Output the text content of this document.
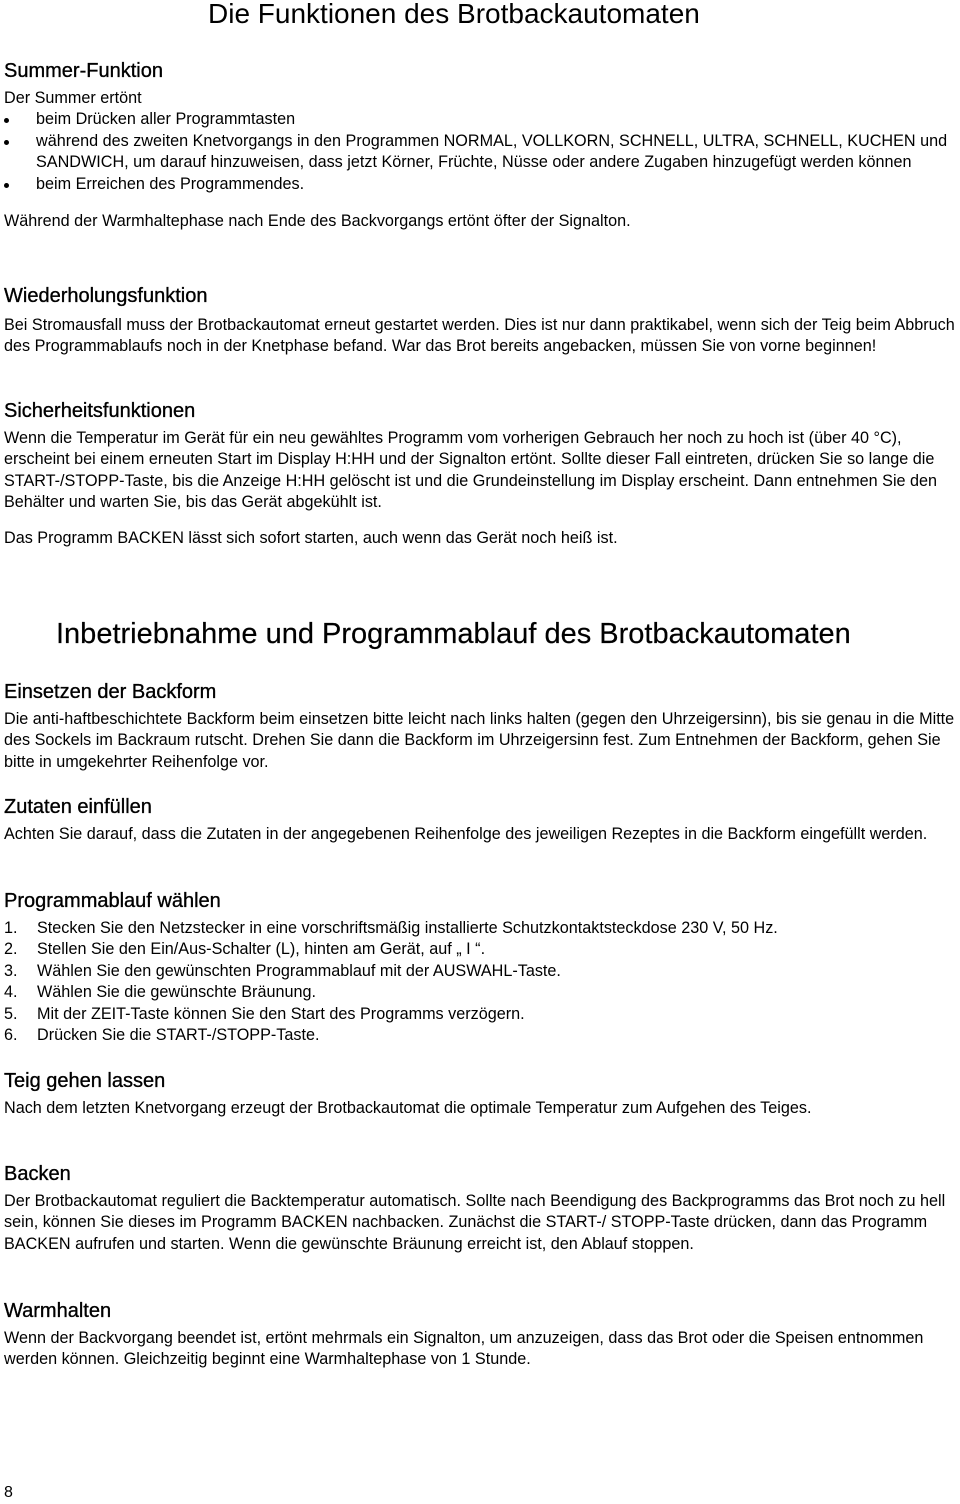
Die Funktionen des Brotbackautomaten
Summer-Funktion

Der Summer ertönt

beim Drücken aller Programmtasten
während des zweiten Knetvorgangs in den Programmen NORMAL, VOLLKORN, SCHNELL, ULTRA, SCHNELL, KUCHEN und SANDWICH, um darauf hinzuweisen, dass jetzt Körner, Früchte, Nüsse oder andere Zugaben hinzugefügt werden können
beim Erreichen des Programmendes.

Während der Warmhaltephase nach Ende des Backvorgangs ertönt öfter der Signalton.

Wiederholungsfunktion

Bei Stromausfall muss der Brotbackautomat erneut gestartet werden. Dies ist nur dann praktikabel, wenn sich der Teig beim Abbruch des Programmablaufs noch in der Knetphase befand. War das Brot bereits angebacken, müssen Sie von vorne beginnen!

Sicherheitsfunktionen

Wenn die Temperatur im Gerät für ein neu gewähltes Programm vom vorherigen Gebrauch her noch zu hoch ist (über 40 °C), erscheint bei einem erneuten Start im Display H:HH und der Signalton ertönt. Sollte dieser Fall eintreten, drücken Sie so lange die START-/STOPP-Taste, bis die Anzeige H:HH gelöscht ist und die Grundeinstellung im Display erscheint. Dann entnehmen Sie den Behälter und warten Sie, bis das Gerät abgekühlt ist.

Das Programm BACKEN lässt sich sofort starten, auch wenn das Gerät noch heiß ist.

Inbetriebnahme und Programmablauf des Brotbackautomaten
Einsetzen der Backform

Die anti-haftbeschichtete Backform beim einsetzen bitte leicht nach links halten (gegen den Uhrzeigersinn), bis sie genau in die Mitte des Sockels im Backraum rutscht. Drehen Sie dann die Backform im Uhrzeigersinn fest. Zum Entnehmen der Backform, gehen Sie bitte in umgekehrter Reihenfolge vor.

Zutaten einfüllen

Achten Sie darauf, dass die Zutaten in der angegebenen Reihenfolge des jeweiligen Rezeptes in die Backform eingefüllt werden.

Programmablauf wählen
1. Stecken Sie den Netzstecker in eine vorschriftsmäßig installierte Schutzkontaktsteckdose 230 V, 50 Hz.
2. Stellen Sie den Ein/Aus-Schalter (L), hinten am Gerät, auf „ I “.
3. Wählen Sie den gewünschten Programmablauf mit der AUSWAHL-Taste.
4. Wählen Sie die gewünschte Bräunung.
5. Mit der ZEIT-Taste können Sie den Start des Programms verzögern.
6. Drücken Sie die START-/STOPP-Taste.
Teig gehen lassen

Nach dem letzten Knetvorgang erzeugt der Brotbackautomat die optimale Temperatur zum Aufgehen des Teiges.

Backen

Der Brotbackautomat reguliert die Backtemperatur automatisch. Sollte nach Beendigung des Backprogramms das Brot noch zu hell sein, können Sie dieses im Programm BACKEN nachbacken. Zunächst die START-/ STOPP-Taste drücken, dann das Programm BACKEN aufrufen und starten. Wenn die gewünschte Bräunung erreicht ist, den Ablauf stoppen.

Warmhalten

Wenn der Backvorgang beendet ist, ertönt mehrmals ein Signalton, um anzuzeigen, dass das Brot oder die Speisen entnommen werden können. Gleichzeitig beginnt eine Warmhaltephase von 1 Stunde.

8
